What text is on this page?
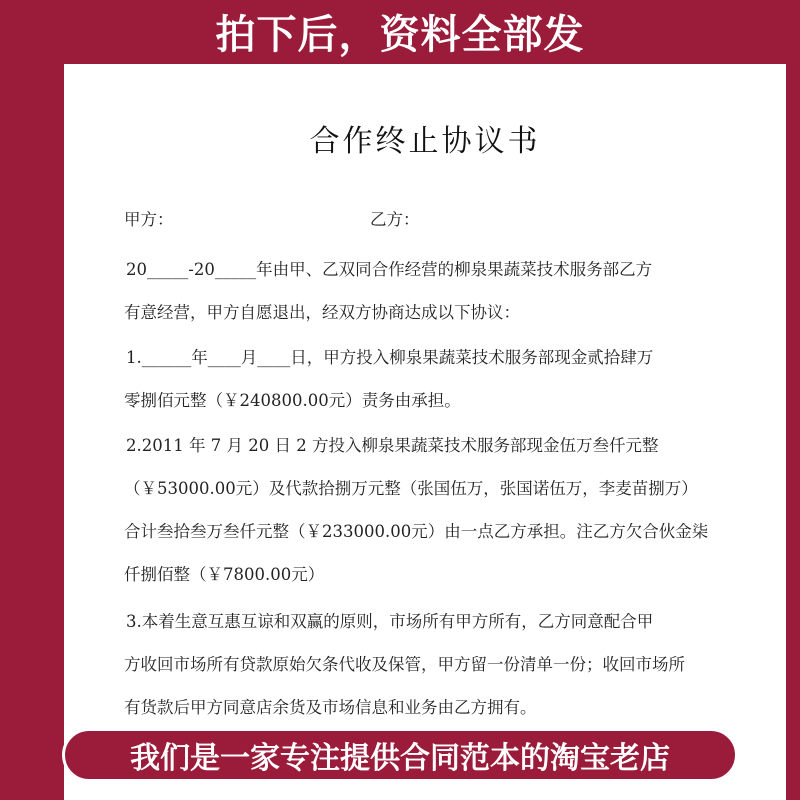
拍下后，资料全部发
合作终止协议书
甲方：	乙方：
20_____-20_____年由甲、乙双同合作经营的柳泉果蔬菜技术服务部乙方
有意经营，甲方自愿退出，经双方协商达成以下协议：
1.______年____月____日，甲方投入柳泉果蔬菜技术服务部现金贰拾肆万
零捌佰元整（￥240800.00元）责务由承担。
2.2011 年 7 月 20 日 2 方投入柳泉果蔬菜技术服务部现金伍万叁仟元整
（￥53000.00元）及代款拾捌万元整（张国伍万，张国诺伍万，李麦苗捌万）
合计叁拾叁万叁仟元整（￥233000.00元）由一点乙方承担。注乙方欠合伙金柒
仟捌佰整（￥7800.00元）
3.本着生意互惠互谅和双赢的原则，市场所有甲方所有，乙方同意配合甲
方收回市场所有贷款原始欠条代收及保管，甲方留一份清单一份；收回市场所
有货款后甲方同意店余货及市场信息和业务由乙方拥有。
我们是一家专注提供合同范本的淘宝老店
